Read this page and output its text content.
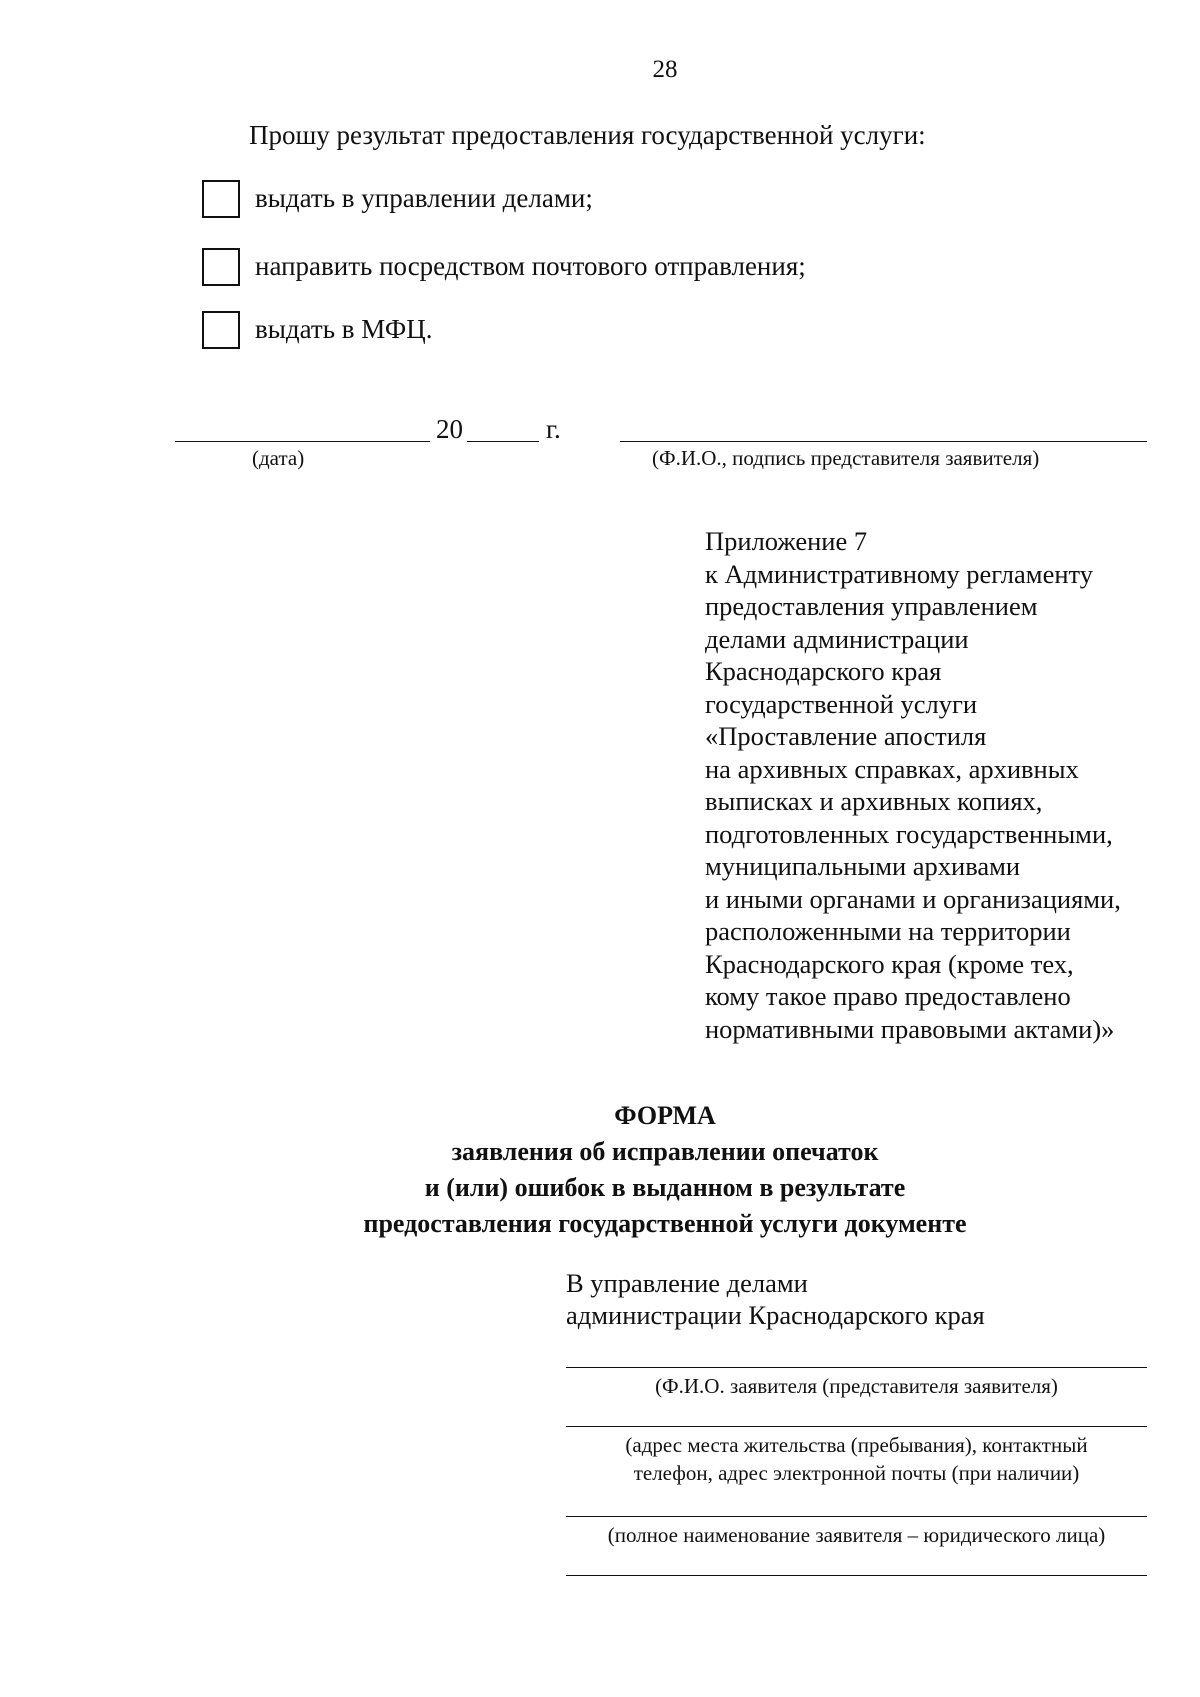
28
Прошу результат предоставления государственной услуги:
выдать в управлении делами;
направить посредством почтового отправления;
выдать в МФЦ.
20	г.
(дата)	(Ф.И.О., подпись представителя заявителя)
Приложение 7
к Административному регламенту
предоставления управлением
делами администрации
Краснодарского края
государственной услуги
«Проставление апостиля
на архивных справках, архивных
выписках и архивных копиях,
подготовленных государственными,
муниципальными архивами
и иными органами и организациями,
расположенными на территории
Краснодарского края (кроме тех,
кому такое право предоставлено
нормативными правовыми актами)»
ФОРМА
заявления об исправлении опечаток
и (или) ошибок в выданном в результате
предоставления государственной услуги документе
В управление делами
администрации Краснодарского края
(Ф.И.О. заявителя (представителя заявителя)
(адрес места жительства (пребывания), контактный
телефон, адрес электронной почты (при наличии)
(полное наименование заявителя – юридического лица)
